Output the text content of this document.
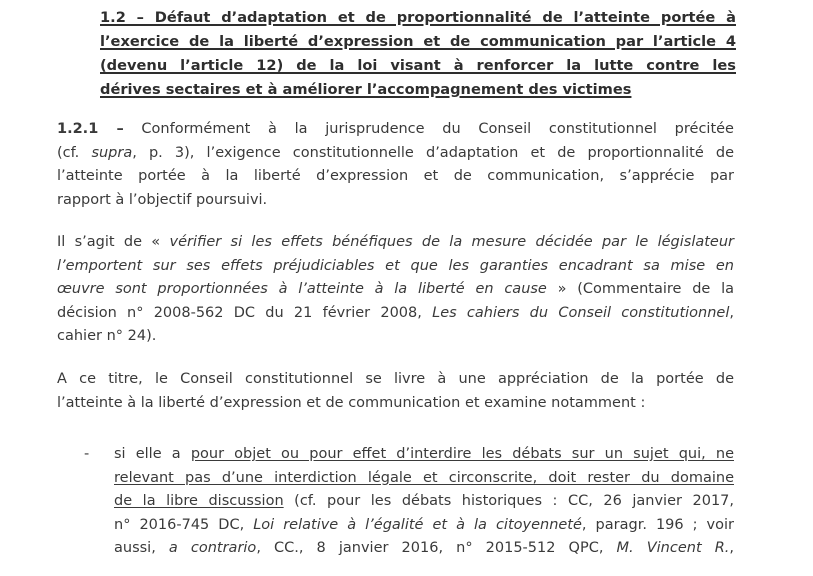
1.2 – Défaut d’adaptation et de proportionnalité de l’atteinte portée à
l’exercice de la liberté d’expression et de communication par l’article 4
(devenu l’article 12) de la loi visant à renforcer la lutte contre les
dérives sectaires et à améliorer l’accompagnement des victimes

1.2.1 – Conformément à la jurisprudence du Conseil constitutionnel précitée
(cf. supra, p. 3), l’exigence constitutionnelle d’adaptation et de proportionnalité de
l’atteinte portée à la liberté d’expression et de communication, s’apprécie par
rapport à l’objectif poursuivi.

Il s’agit de « vérifier si les effets bénéfiques de la mesure décidée par le législateur
l’emportent sur ses effets préjudiciables et que les garanties encadrant sa mise en
œuvre sont proportionnées à l’atteinte à la liberté en cause » (Commentaire de la
décision n° 2008-562 DC du 21 février 2008, Les cahiers du Conseil constitutionnel,
cahier n° 24).

A ce titre, le Conseil constitutionnel se livre à une appréciation de la portée de
l’atteinte à la liberté d’expression et de communication et examine notamment :

- si elle a pour objet ou pour effet d’interdire les débats sur un sujet qui, ne
relevant pas d’une interdiction légale et circonscrite, doit rester du domaine
de la libre discussion (cf. pour les débats historiques : CC, 26 janvier 2017,
n° 2016-745 DC, Loi relative à l’égalité et à la citoyenneté, paragr. 196 ; voir
aussi, a contrario, CC., 8 janvier 2016, n° 2015-512 QPC, M. Vincent R.,
